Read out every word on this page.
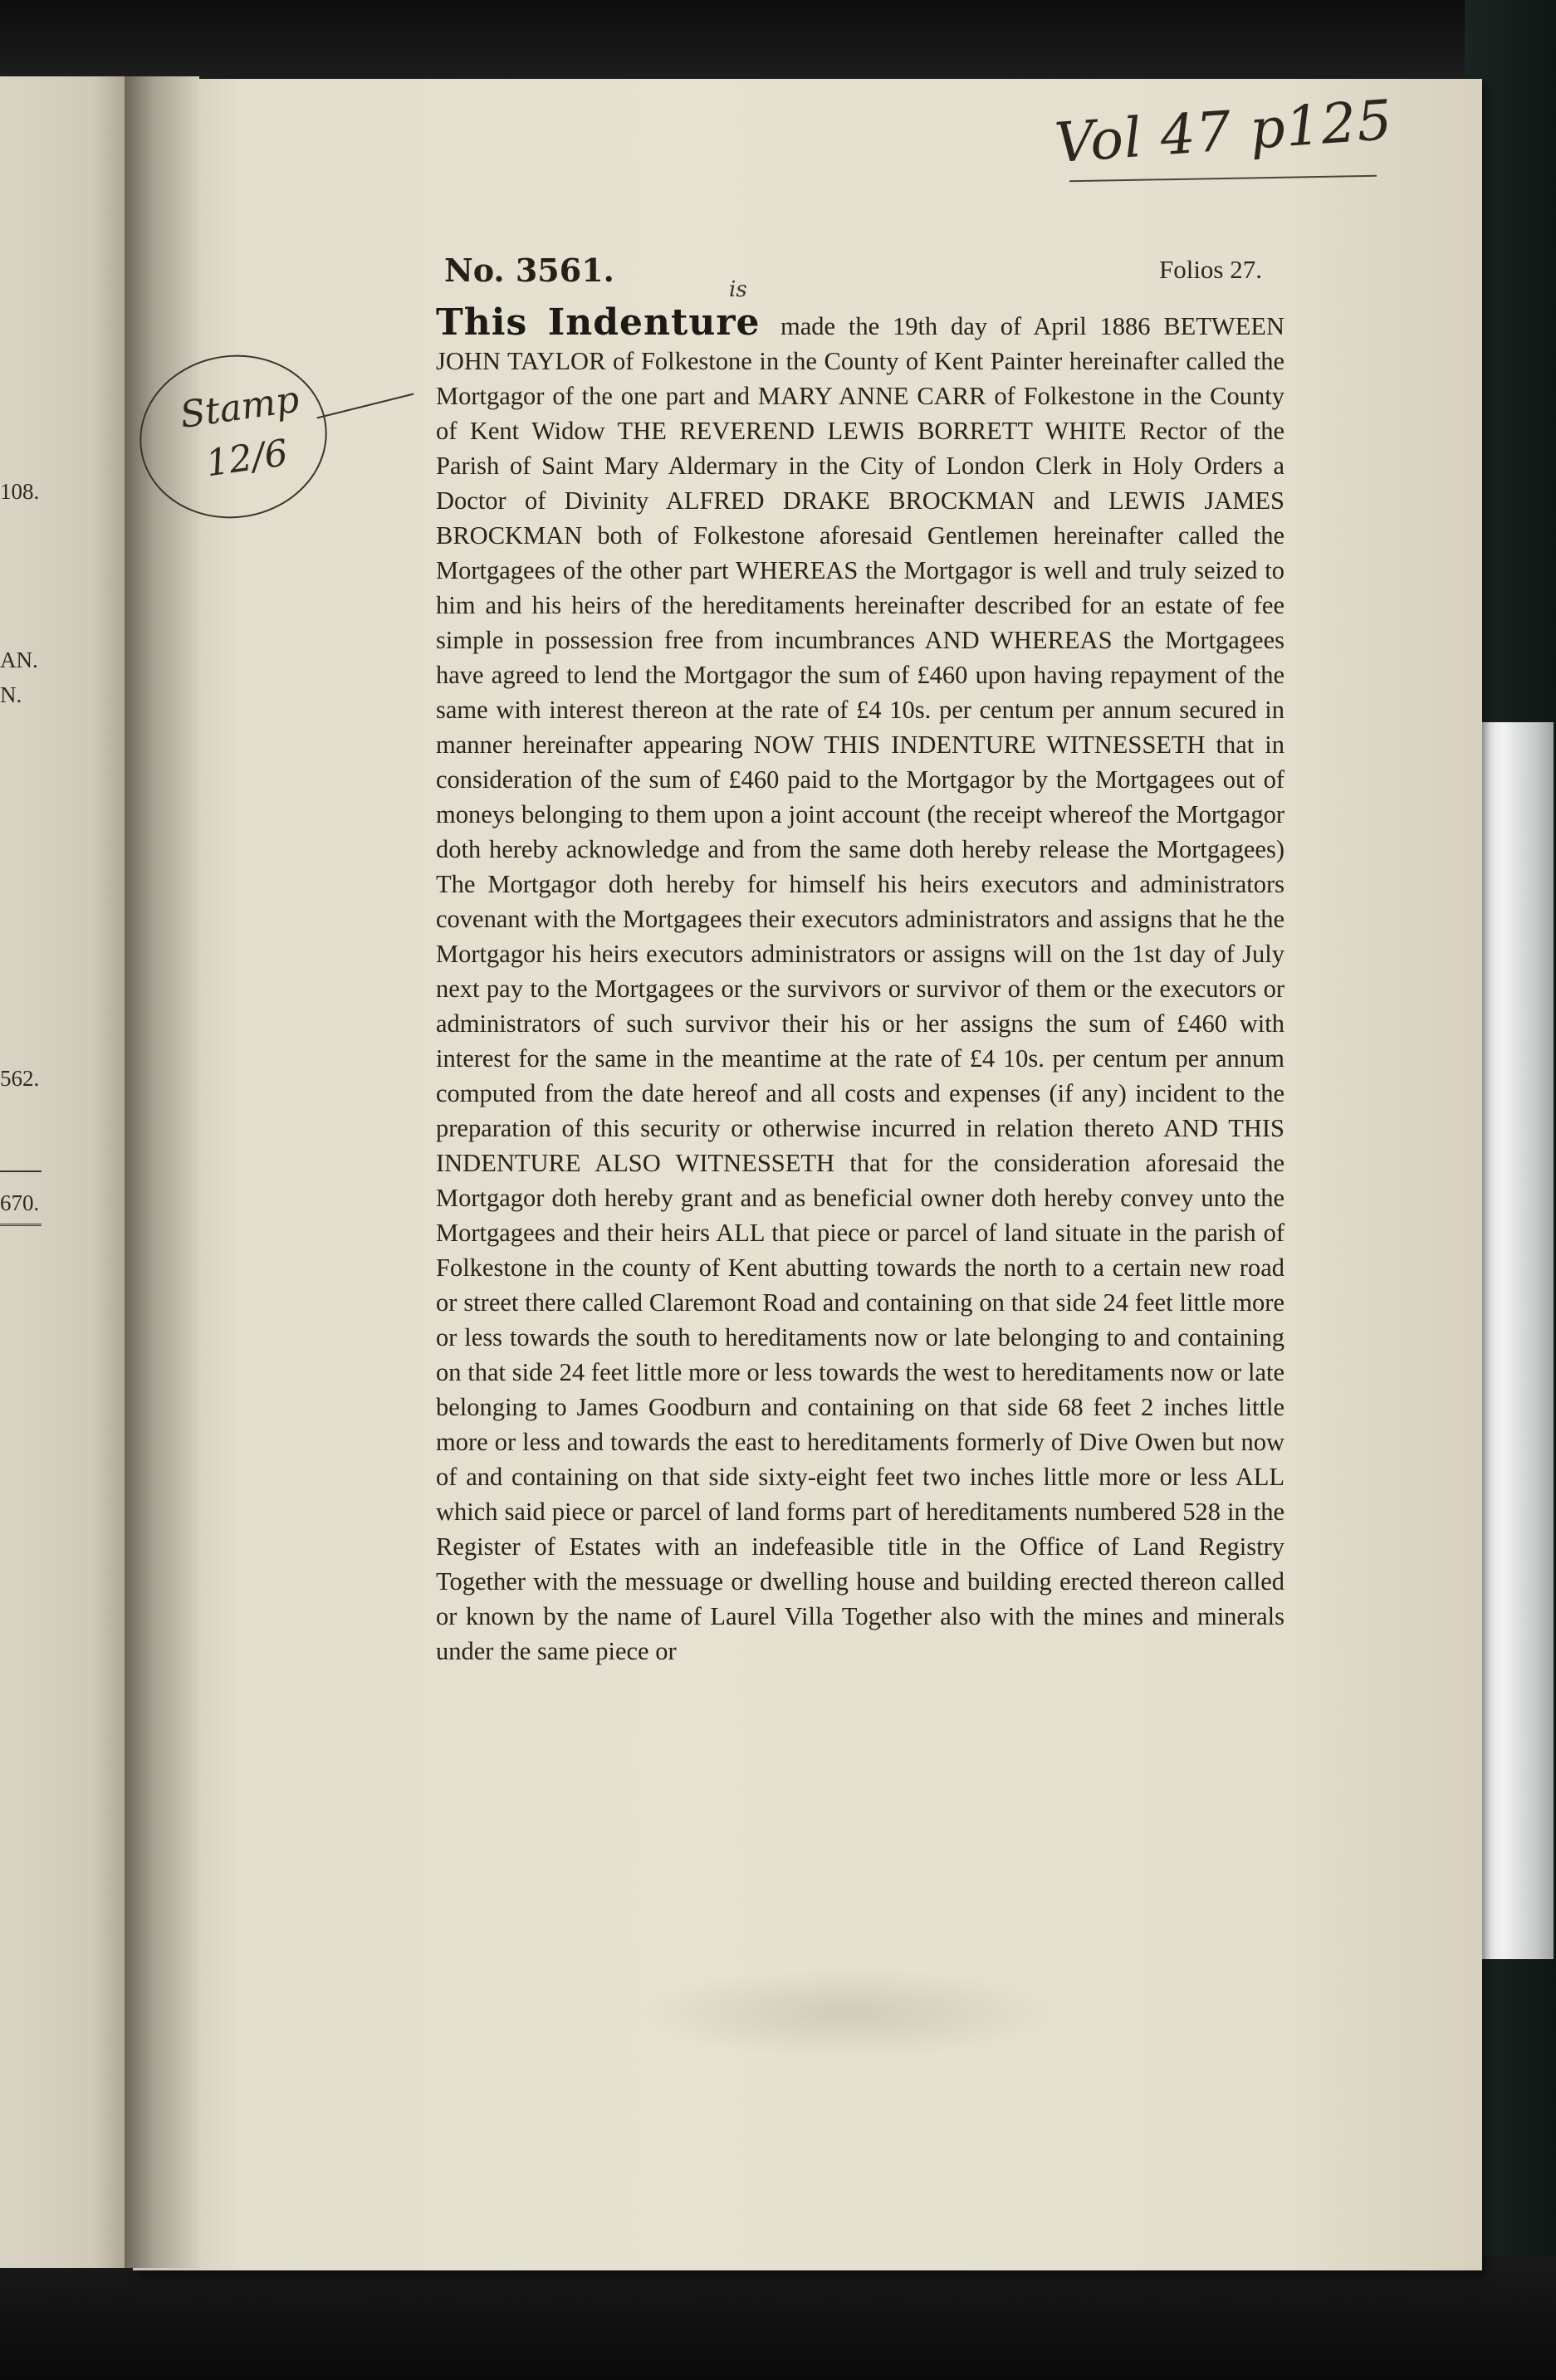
108.
AN.
N.
562.
670.
Vol 47 p125
Stamp
12/6
No. 3561.	Folios 27.
is
This Indenture made the 19th day of April 1886 BETWEEN JOHN TAYLOR of Folkestone in the County of Kent Painter hereinafter called the Mortgagor of the one part and MARY ANNE CARR of Folkestone in the County of Kent Widow THE REVEREND LEWIS BORRETT WHITE Rector of the Parish of Saint Mary Aldermary in the City of London Clerk in Holy Orders a Doctor of Divinity ALFRED DRAKE BROCKMAN and LEWIS JAMES BROCKMAN both of Folkestone aforesaid Gentlemen hereinafter called the Mortgagees of the other part WHEREAS the Mortgagor is well and truly seized to him and his heirs of the hereditaments hereinafter described for an estate of fee simple in possession free from incumbrances AND WHEREAS the Mortgagees have agreed to lend the Mortgagor the sum of £460 upon having repayment of the same with interest thereon at the rate of £4 10s. per centum per annum secured in manner hereinafter appearing NOW THIS INDENTURE WITNESSETH that in consideration of the sum of £460 paid to the Mortgagor by the Mortgagees out of moneys belonging to them upon a joint account (the receipt whereof the Mortgagor doth hereby acknowledge and from the same doth hereby release the Mortgagees) The Mortgagor doth hereby for himself his heirs executors and administrators covenant with the Mortgagees their executors administrators and assigns that he the Mortgagor his heirs executors administrators or assigns will on the 1st day of July next pay to the Mortgagees or the survivors or survivor of them or the executors or administrators of such survivor their his or her assigns the sum of £460 with interest for the same in the meantime at the rate of £4 10s. per centum per annum computed from the date hereof and all costs and expenses (if any) incident to the preparation of this security or otherwise incurred in relation thereto AND THIS INDENTURE ALSO WITNESSETH that for the consideration aforesaid the Mortgagor doth hereby grant and as beneficial owner doth hereby convey unto the Mortgagees and their heirs ALL that piece or parcel of land situate in the parish of Folkestone in the county of Kent abutting towards the north to a certain new road or street there called Claremont Road and containing on that side 24 feet little more or less towards the south to hereditaments now or late belonging to and containing on that side 24 feet little more or less towards the west to hereditaments now or late belonging to James Goodburn and containing on that side 68 feet 2 inches little more or less and towards the east to hereditaments formerly of Dive Owen but now of and containing on that side sixty-eight feet two inches little more or less ALL which said piece or parcel of land forms part of hereditaments numbered 528 in the Register of Estates with an indefeasible title in the Office of Land Registry Together with the messuage or dwelling house and building erected thereon called or known by the name of Laurel Villa Together also with the mines and minerals under the same piece or
